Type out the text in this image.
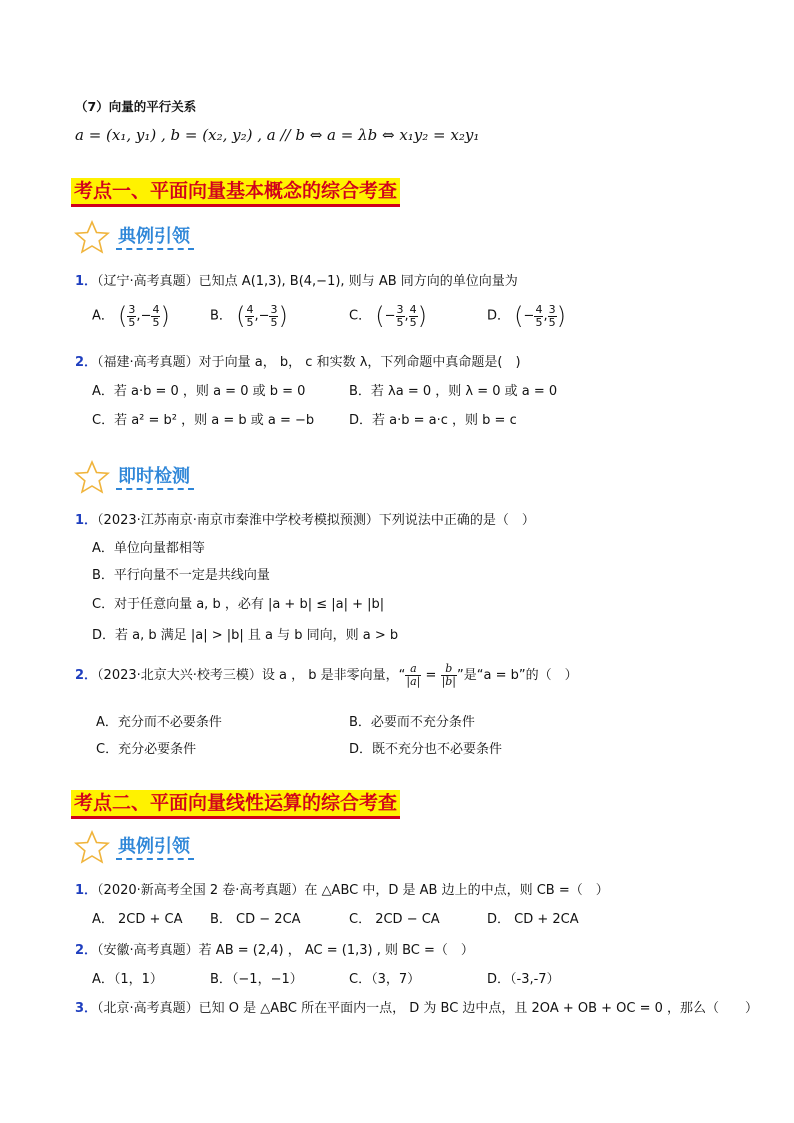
（7）向量的平行关系
a = (x₁, y₁) , b = (x₂, y₂) , a // b ⇔ a = λb ⇔ x₁y₂ = x₂y₁
考点一、平面向量基本概念的综合考查
典例引领
1．（辽宁·高考真题）已知点 A(1,3), B(4,−1), 则与 AB 同方向的单位向量为
A． ( $\frac{3}{5}$ ,− $\frac{4}{5}$ )	B． ( $\frac{4}{5}$ ,− $\frac{3}{5}$ )	C． (− $\frac{3}{5}$ , $\frac{4}{5}$ )	D． (− $\frac{4}{5}$ , $\frac{3}{5}$ )
2．（福建·高考真题）对于向量 a， b， c 和实数 λ，下列命题中真命题是(　)
A．若 a·b = 0 ，则 a = 0 或 b = 0	B．若 λa = 0 ，则 λ = 0 或 a = 0
C．若 a² = b² ，则 a = b 或 a = −b	D．若 a·b = a·c ，则 b = c
即时检测
1．（2023·江苏南京·南京市秦淮中学校考模拟预测）下列说法中正确的是（　）
A．单位向量都相等
B．平行向量不一定是共线向量
C．对于任意向量 a, b ，必有 |a + b| ≤ |a| + |b|
D．若 a, b 满足 |a| > |b| 且 a 与 b 同向，则 a > b
2．（2023·北京大兴·校考三模）设 a ， b 是非零向量，“ $\frac{a}{|a|} = \frac{b}{|b|}$ ”是“a = b”的（　）
A．充分而不必要条件	B．必要而不充分条件
C．充分必要条件	D．既不充分也不必要条件
考点二、平面向量线性运算的综合考查
典例引领
1．（2020·新高考全国 2 卷·高考真题）在 △ABC 中，D 是 AB 边上的中点，则 CB =（　）
A． 2CD + CA B． CD − 2CA	C． 2CD − CA	D． CD + 2CA
2．（安徽·高考真题）若 AB = (2,4) ， AC = (1,3) , 则 BC =（　）
A．（1，1）	B．（−1，−1）	C．（3，7）	D．（-3,-7）
3．（北京·高考真题）已知 O 是 △ABC 所在平面内一点， D 为 BC 边中点，且 2OA + OB + OC = 0 ，那么（　　）
